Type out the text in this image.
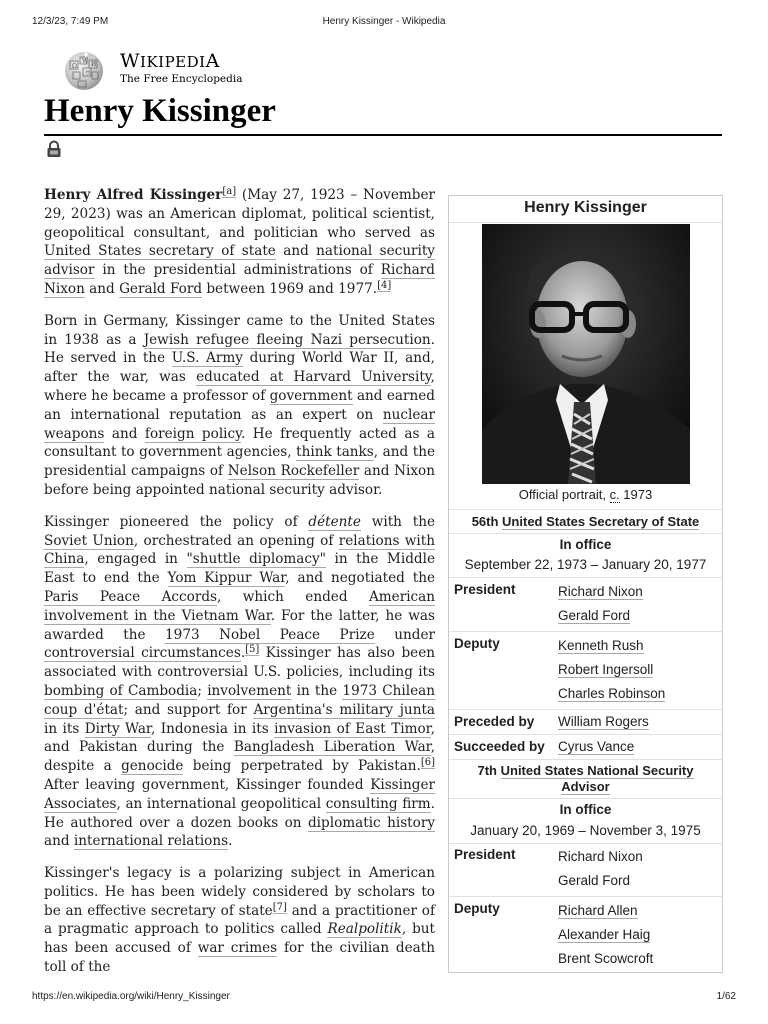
12/3/23, 7:49 PM	Henry Kissinger - Wikipedia
Ω
W И
ウ
WIKIPEDIA
The Free Encyclopedia
Henry Kissinger

Henry Alfred Kissinger[a] (May 27, 1923 – November 29, 2023) was an American diplomat, political scientist, geopolitical consultant, and politician who served as United States secretary of state and national security advisor in the presidential administrations of Richard Nixon and Gerald Ford between 1969 and 1977.[4]

Born in Germany, Kissinger came to the United States in 1938 as a Jewish refugee fleeing Nazi persecution. He served in the U.S. Army during World War II, and, after the war, was educated at Harvard University, where he became a professor of government and earned an international reputation as an expert on nuclear weapons and foreign policy. He frequently acted as a consultant to government agencies, think tanks, and the presidential campaigns of Nelson Rockefeller and Nixon before being appointed national security advisor.

Kissinger pioneered the policy of détente with the Soviet Union, orchestrated an opening of relations with China, engaged in "shuttle diplomacy" in the Middle East to end the Yom Kippur War, and negotiated the Paris Peace Accords, which ended American involvement in the Vietnam War. For the latter, he was awarded the 1973 Nobel Peace Prize under controversial circumstances.[5] Kissinger has also been associated with controversial U.S. policies, including its bombing of Cambodia; involvement in the 1973 Chilean coup d'état; and support for Argentina's military junta in its Dirty War, Indonesia in its invasion of East Timor, and Pakistan during the Bangladesh Liberation War, despite a genocide being perpetrated by Pakistan.[6] After leaving government, Kissinger founded Kissinger Associates, an international geopolitical consulting firm. He authored over a dozen books on diplomatic history and international relations.

Kissinger's legacy is a polarizing subject in American politics. He has been widely considered by scholars to be an effective secretary of state[7] and a practitioner of a pragmatic approach to politics called Realpolitik, but has been accused of war crimes for the civilian death toll of the

Henry Kissinger
Official portrait, c. 1973
56th United States Secretary of State
In office
September 22, 1973 – January 20, 1977
President	Richard Nixon
Gerald Ford
Deputy	Kenneth Rush
Robert Ingersoll
Charles Robinson
Preceded by William Rogers
Succeeded by Cyrus Vance
7th United States National Security
Advisor
In office
January 20, 1969 – November 3, 1975
President	Richard Nixon
Gerald Ford
Deputy	Richard Allen
Alexander Haig
Brent Scowcroft
https://en.wikipedia.org/wiki/Henry_Kissinger	1/62
